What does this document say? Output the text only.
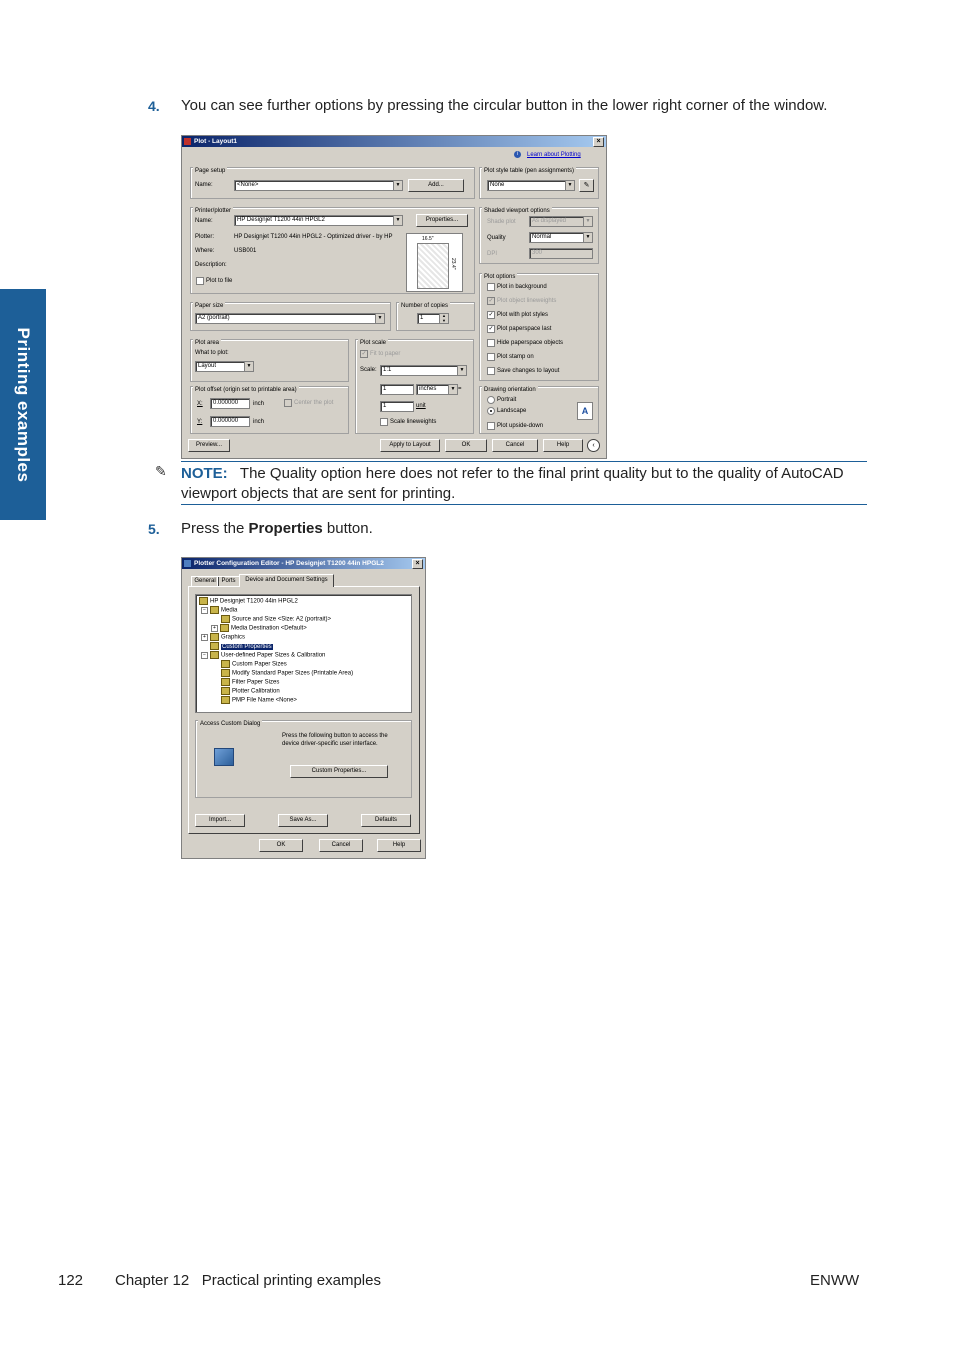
Printing examples
4. You can see further options by pressing the circular button in the lower right corner of the window.
Plot - Layout1	×
i	Learn about Plotting
Page setup
Name:	<None>	▼	Add...
Printer/plotter
Name:	HP Designjet T1200 44in HPGL2	▼	Properties...
Plotter:	HP Designjet T1200 44in HPGL2 - Optimized driver - by HP
Where:	USB001
Description:
Plot to file
16.5"
23.4"
Paper size
A2 (portrait)	▼
Number of copies
1	▲
▼
Plot area
What to plot:
Layout	▼
Plot offset (origin set to printable area)
X:	0.000000	inch	Center the plot
Y:	0.000000	inch
Plot scale
✓ Fit to paper
Scale:	1:1	▼
1	inches	▼ =
1	unit
Scale lineweights
Plot style table (pen assignments)
None	▼	✎
Shaded viewport options
Shade plot	As displayed	▼
Quality	Normal	▼
DPI	300
Plot options
Plot in background
✓ Plot object lineweights
✓ Plot with plot styles
✓ Plot paperspace last
Hide paperspace objects
Plot stamp on
Save changes to layout
Drawing orientation
Portrait
Landscape
Plot upside-down
A
Preview...	Apply to Layout	OK	Cancel	Help	‹
✎ NOTE: The Quality option here does not refer to the final print quality but to the quality of AutoCAD viewport objects that are sent for printing.
5. Press the Properties button.
Plotter Configuration Editor - HP Designjet T1200 44in HPGL2	×
General Ports	Device and Document Settings
HP Designjet T1200 44in HPGL2
−	Media
Source and Size <Size: A2 (portrait)>
+	Media Destination <Default>
+	Graphics
Custom Properties
−	User-defined Paper Sizes & Calibration
Custom Paper Sizes
Modify Standard Paper Sizes (Printable Area)
Filter Paper Sizes
Plotter Calibration
PMP File Name <None>
Access Custom Dialog
Press the following button to access the device driver-specific user interface.
Custom Properties...
Import...	Save As...	Defaults
OK	Cancel	Help
122 Chapter 12   Practical printing examples	ENWW
